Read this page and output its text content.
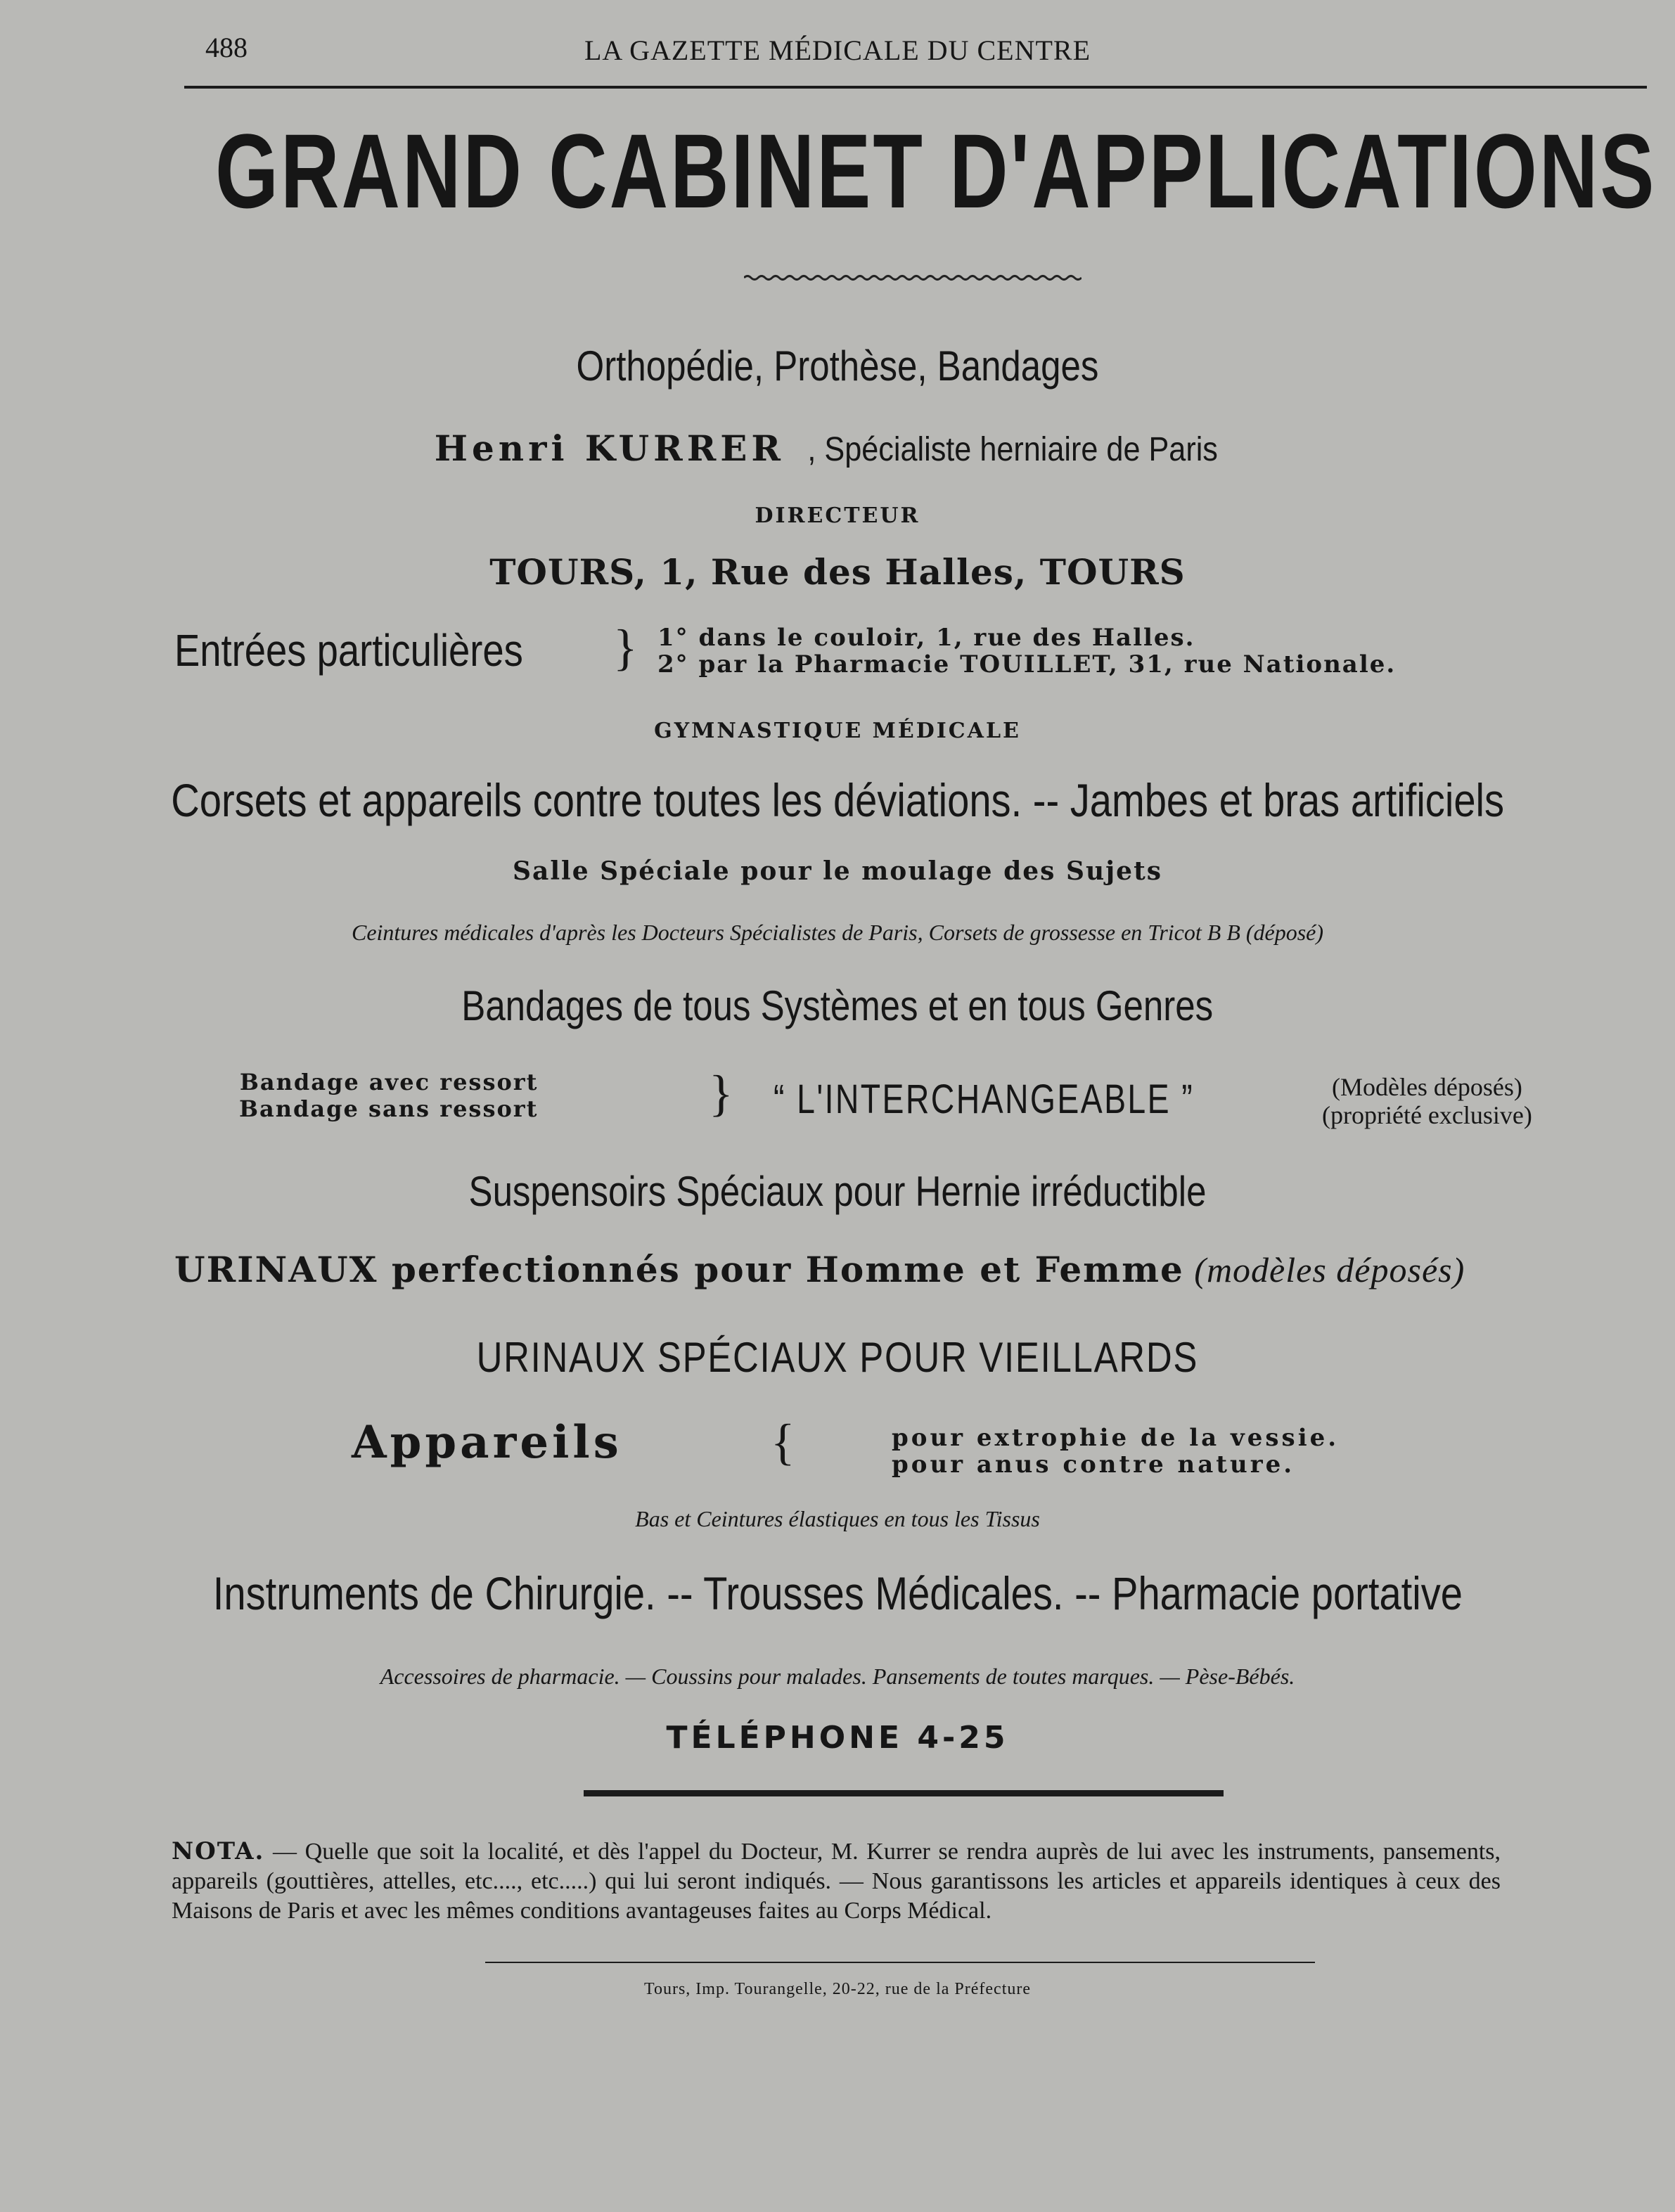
488	LA GAZETTE MÉDICALE DU CENTRE
GRAND CABINET D'APPLICATIONS
Orthopédie, Prothèse, Bandages
Henri KURRER , Spécialiste herniaire de Paris
DIRECTEUR
TOURS, 1, Rue des Halles, TOURS
Entrées particulières	} 1° dans le couloir, 1, rue des Halles.
2° par la Pharmacie TOUILLET, 31, rue Nationale.
GYMNASTIQUE MÉDICALE
Corsets et appareils contre toutes les déviations. -- Jambes et bras artificiels
Salle Spéciale pour le moulage des Sujets
Ceintures médicales d'après les Docteurs Spécialistes de Paris, Corsets de grossesse en Tricot B B (déposé)
Bandages de tous Systèmes et en tous Genres
Bandage avec ressort
Bandage sans ressort	} “ L'INTERCHANGEABLE ”	(Modèles déposés)
(propriété exclusive)
Suspensoirs Spéciaux pour Hernie irréductible
URINAUX perfectionnés pour Homme et Femme (modèles déposés)
URINAUX SPÉCIAUX POUR VIEILLARDS
Appareils	{	pour extrophie de la vessie.
pour anus contre nature.
Bas et Ceintures élastiques en tous les Tissus
Instruments de Chirurgie. -- Trousses Médicales. -- Pharmacie portative
Accessoires de pharmacie. — Coussins pour malades. Pansements de toutes marques. — Pèse-Bébés.
TÉLÉPHONE 4-25
NOTA. — Quelle que soit la localité, et dès l'appel du Docteur, M. Kurrer se rendra auprès de lui avec les instruments, pansements, appareils (gouttières, attelles, etc...., etc.....) qui lui seront indiqués. — Nous garantissons les articles et appareils identiques à ceux des Maisons de Paris et avec les mêmes conditions avantageuses faites au Corps Médical.
Tours, Imp. Tourangelle, 20-22, rue de la Préfecture
